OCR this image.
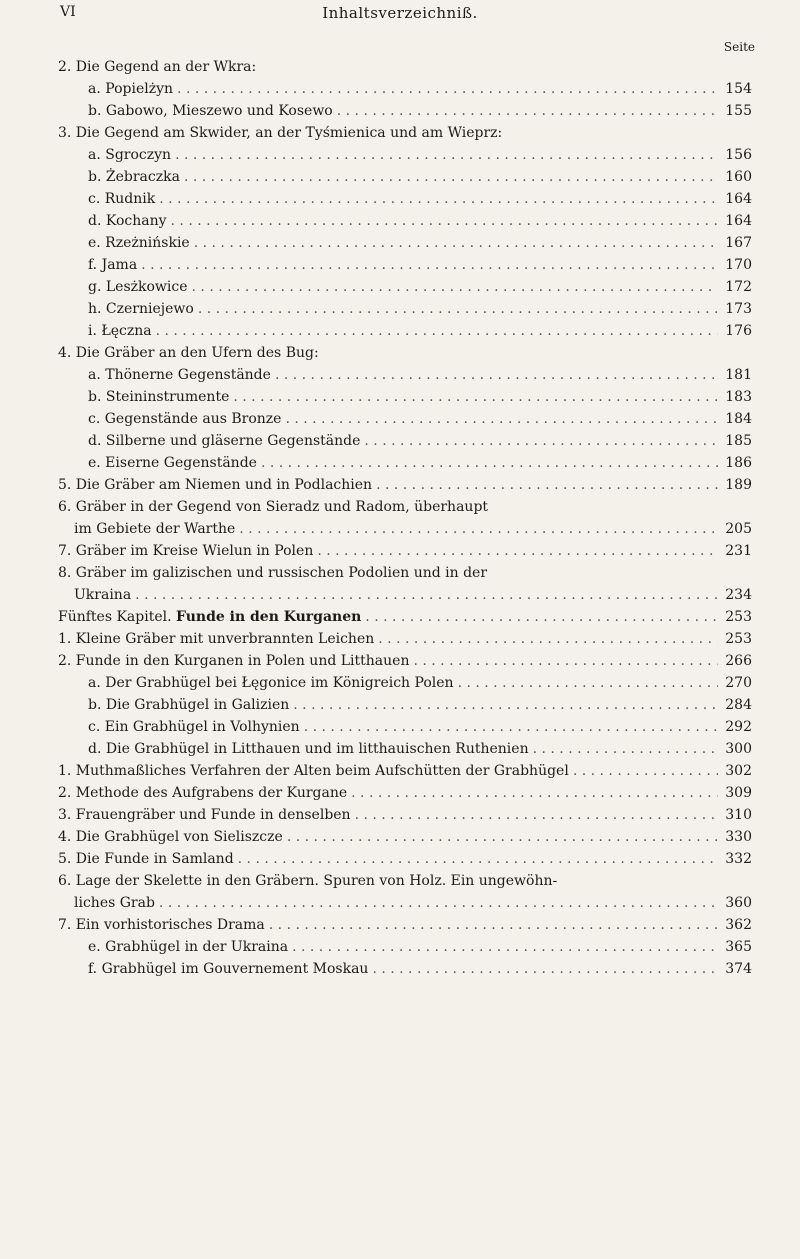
VI	Inhaltsverzeichniß.
Seite
2. Die Gegend an der Wkra:
a. Popielżyn . . .	154
b. Gabowo, Mieszewo und Kosewo . . .	155
3. Die Gegend am Skwider, an der Tyśmienica und am Wieprz:
a. Sgroczyn . . .	156
b. Żebraczka . . .	160
c. Rudnik . . .	164
d. Kochany . . .	164
e. Rzeżnińskie . . .	167
f. Jama . . .	170
g. Lesżkowice . . .	172
h. Czerniejewo . . .	173
i. Łęczna . . .	176
4. Die Gräber an den Ufern des Bug:
a. Thönerne Gegenstände . . .	181
b. Steininstrumente . . .	183
c. Gegenstände aus Bronze . . .	184
d. Silberne und gläserne Gegenstände . . .	185
e. Eiserne Gegenstände . . .	186
5. Die Gräber am Niemen und in Podlachien . . .	189
6. Gräber in der Gegend von Sieradz und Radom, überhaupt
im Gebiete der Warthe . . .	205
7. Gräber im Kreise Wielun in Polen . . .	231
8. Gräber im galizischen und russischen Podolien und in der
Ukraina . . .	234
Fünftes Kapitel. Funde in den Kurganen . . .	253
1. Kleine Gräber mit unverbrannten Leichen . . .	253
2. Funde in den Kurganen in Polen und Litthauen . . .	266
a. Der Grabhügel bei Łęgonice im Königreich Polen . . .	270
b. Die Grabhügel in Galizien . . .	284
c. Ein Grabhügel in Volhynien . . .	292
d. Die Grabhügel in Litthauen und im litthauischen Ruthenien . . .	300
1. Muthmaßliches Verfahren der Alten beim Aufschütten der Grabhügel . . .	302
2. Methode des Aufgrabens der Kurgane . . .	309
3. Frauengräber und Funde in denselben . . .	310
4. Die Grabhügel von Sieliszcze . . .	330
5. Die Funde in Samland . . .	332
6. Lage der Skelette in den Gräbern. Spuren von Holz. Ein ungewöhn-
liches Grab . . .	360
7. Ein vorhistorisches Drama . . .	362
e. Grabhügel in der Ukraina . . .	365
f. Grabhügel im Gouvernement Moskau . . .	374
